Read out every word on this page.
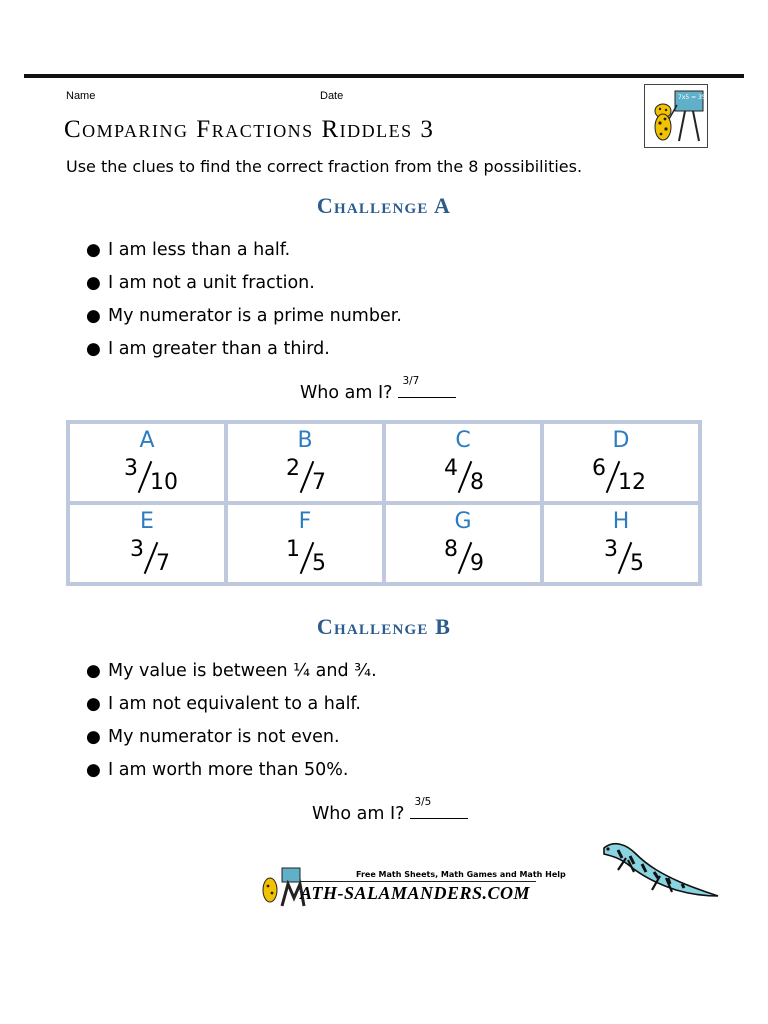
Name	Date	7x5 = 35
Comparing Fractions Riddles 3
Use the clues to find the correct fraction from the 8 possibilities.
Challenge A
● I am less than a half.
● I am not a unit fraction.
● My numerator is a prime number.
● I am greater than a third.
Who am I?
3/7
A
3
10
B
2
7
C
4
8
D
6
12
E
3
7
F
1
5
G
8
9
H
3
5
Challenge B
● My value is between ¼ and ¾.
● I am not equivalent to a half.
● My numerator is not even.
● I am worth more than 50%.
Who am I?
3/5
Free Math Sheets, Math Games and Math Help
ATH-SALAMANDERS.COM
